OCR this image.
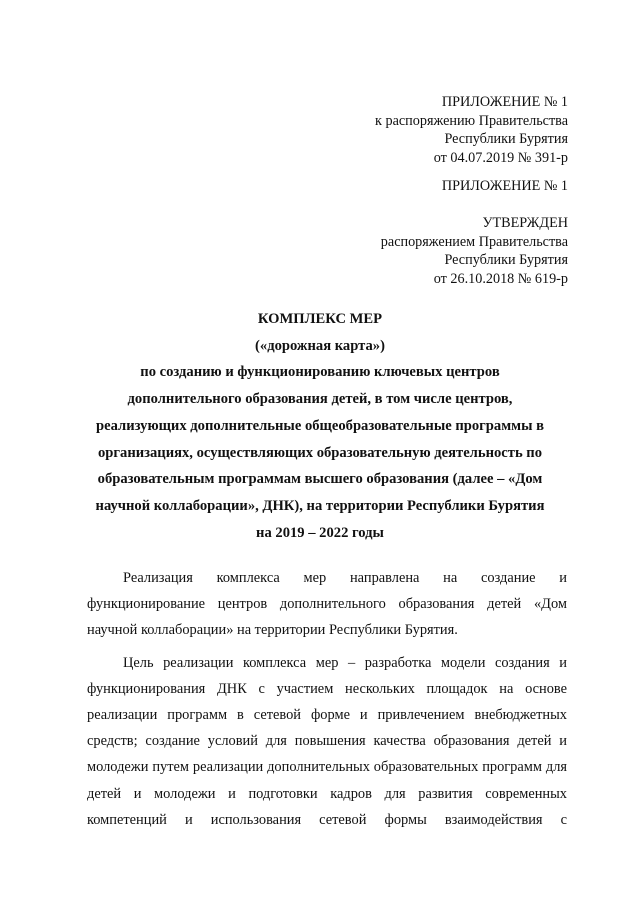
ПРИЛОЖЕНИЕ № 1
к распоряжению Правительства
Республики Бурятия
от 04.07.2019 № 391-р
ПРИЛОЖЕНИЕ № 1
УТВЕРЖДЕН
распоряжением Правительства
Республики Бурятия
от 26.10.2018 № 619-р
КОМПЛЕКС МЕР
(«дорожная карта»)
по созданию и функционированию ключевых центров
дополнительного образования детей, в том числе центров,
реализующих дополнительные общеобразовательные программы в
организациях, осуществляющих образовательную деятельность по
образовательным программам высшего образования (далее – «Дом
научной коллаборации», ДНК), на территории Республики Бурятия
на 2019 – 2022 годы

Реализация комплекса мер направлена на создание и функционирование центров дополнительного образования детей «Дом научной коллаборации» на территории Республики Бурятия.

Цель реализации комплекса мер – разработка модели создания и функционирования ДНК с участием нескольких площадок на основе реализации программ в сетевой форме и привлечением внебюджетных средств; создание условий для повышения качества образования детей и молодежи путем реализации дополнительных образовательных программ для детей и молодежи и подготовки кадров для развития современных компетенций и использования сетевой формы взаимодействия с
